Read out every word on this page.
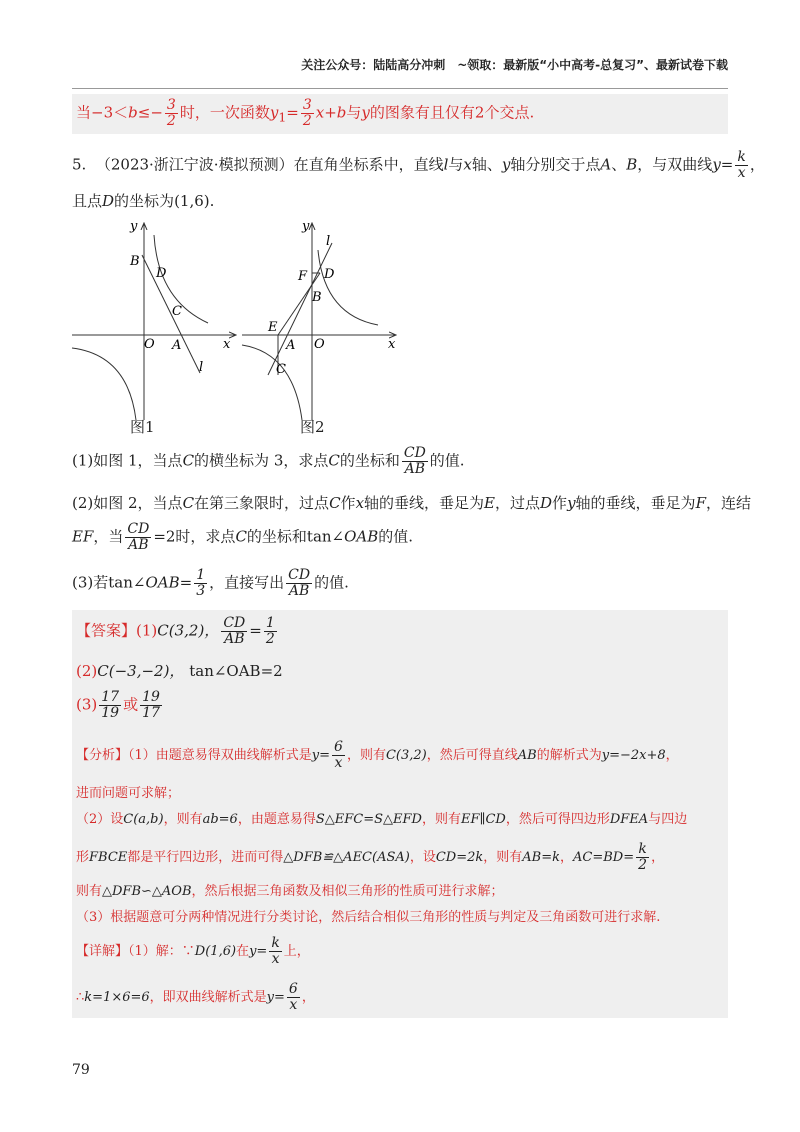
关注公众号：陆陆高分冲刺　~领取：最新版“小中高考-总复习”、最新试卷下载
当$-3<b\le- \frac{3}{2}$ 时，一次函数$y_1= \frac{3}{2} x+b$与y的图象有且仅有2个交点.
5. （2023·浙江宁波·模拟预测）在直角坐标系中，直线l与x轴、y轴分别交于点A、B，与双曲线$y= \frac{k}{x}$ ，
且点D的坐标为(1,6).
y
B
D
C
O A	x
l
图1
y
l
F D
B
E
A O	x
C
图2
(1)如图 1，当点C的横坐标为 3，求点C的坐标和 $\frac{CD}{AB}$ 的值.
(2)如图 2，当点C在第三象限时，过点C作x轴的垂线，垂足为E，过点D作y轴的垂线，垂足为F，连结
EF，当 $\frac{CD}{AB} =2$时，求点C的坐标和tan∠OAB的值.
(3)若tan∠OAB= $\frac{1}{3}$ ，直接写出 $\frac{CD}{AB}$ 的值.
【答案】(1)C(3,2)， $\frac{CD}{AB} = \frac{1}{2}$
(2)C(−3,−2)， tan∠OAB=2
$(3) \frac{17}{19}$ 或 $\frac{19}{17}$
【分析】（1）由题意易得双曲线解析式是$y= \frac{6}{x}$ ，则有C(3,2)，然后可得直线AB的解析式为y=−2x+8，
进而问题可求解；
（2）设C(a,b)，则有ab=6，由题意易得S△EFC=S△EFD，则有EF∥CD，然后可得四边形DFEA与四边
形FBCE都是平行四边形，进而可得△DFB≌△AEC(ASA)，设CD=2k，则有AB=k，$AC=BD= \frac{k}{2}$ ，
则有△DFB∽△AOB，然后根据三角函数及相似三角形的性质可进行求解；
（3）根据题意可分两种情况进行分类讨论，然后结合相似三角形的性质与判定及三角函数可进行求解.
【详解】（1）解：∵D(1,6)在$y= \frac{k}{x}$ 上，
∴k=1×6=6，即双曲线解析式是$y= \frac{6}{x}$ ，
79
